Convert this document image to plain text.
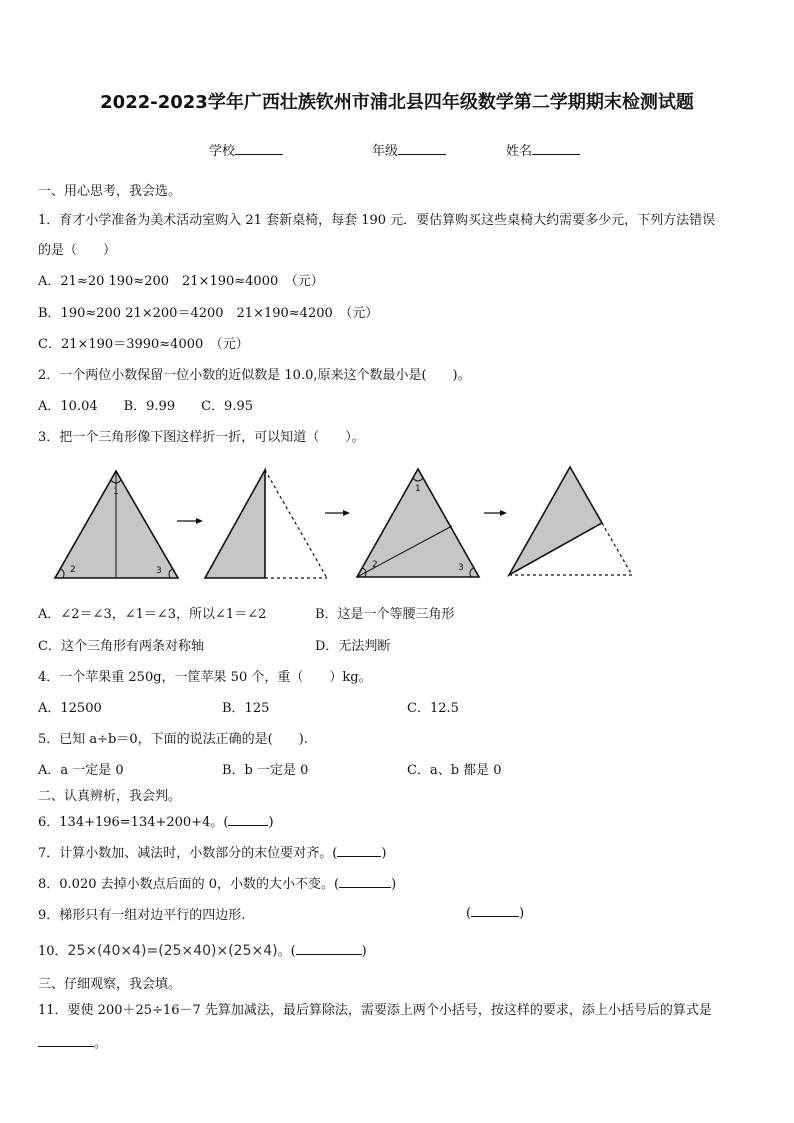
2022-2023学年广西壮族钦州市浦北县四年级数学第二学期期末检测试题
学校	年级	姓名
一、用心思考，我会选。
1．育才小学准备为美术活动室购入 21 套新桌椅，每套 190 元．要估算购买这些桌椅大约需要多少元，下列方法错误
的是（　　）
A．21≈20 190≈200　21×190≈4000　（元）
B．190≈200 21×200＝4200　21×190≈4200　（元）
C．21×190＝3990≈4000　（元）
2．一个两位小数保留一位小数的近似数是 10.0,原来这个数最小是(　　)。
A．10.04　　B．9.99　　C．9.95
3．把一个三角形像下图这样折一折，可以知道（　　）。
1
2	3
1
2	3
A．∠2＝∠3，∠1＝∠3，所以∠1＝∠2	B．这是一个等腰三角形
C．这个三角形有两条对称轴	D．无法判断
4．一个苹果重 250g，一筐苹果 50 个，重（　　）kg。
A．12500	B．125	C．12.5
5．已知 a÷b＝0，下面的说法正确的是(　　).
A．a 一定是 0	B．b 一定是 0	C．a、b 都是 0
二、认真辨析，我会判。
6．134+196=134+200+4。(	)
7．计算小数加、减法时，小数部分的末位要对齐。(	)
8．0.020 去掉小数点后面的 0，小数的大小不变。(	)
9．梯形只有一组对边平行的四边形.	(	)
10．25×(40×4)=(25×40)×(25×4)。(	)
三、仔细观察，我会填。
11．要使 200＋25÷16－7 先算加减法，最后算除法，需要添上两个小括号，按这样的要求，添上小括号后的算式是
。
